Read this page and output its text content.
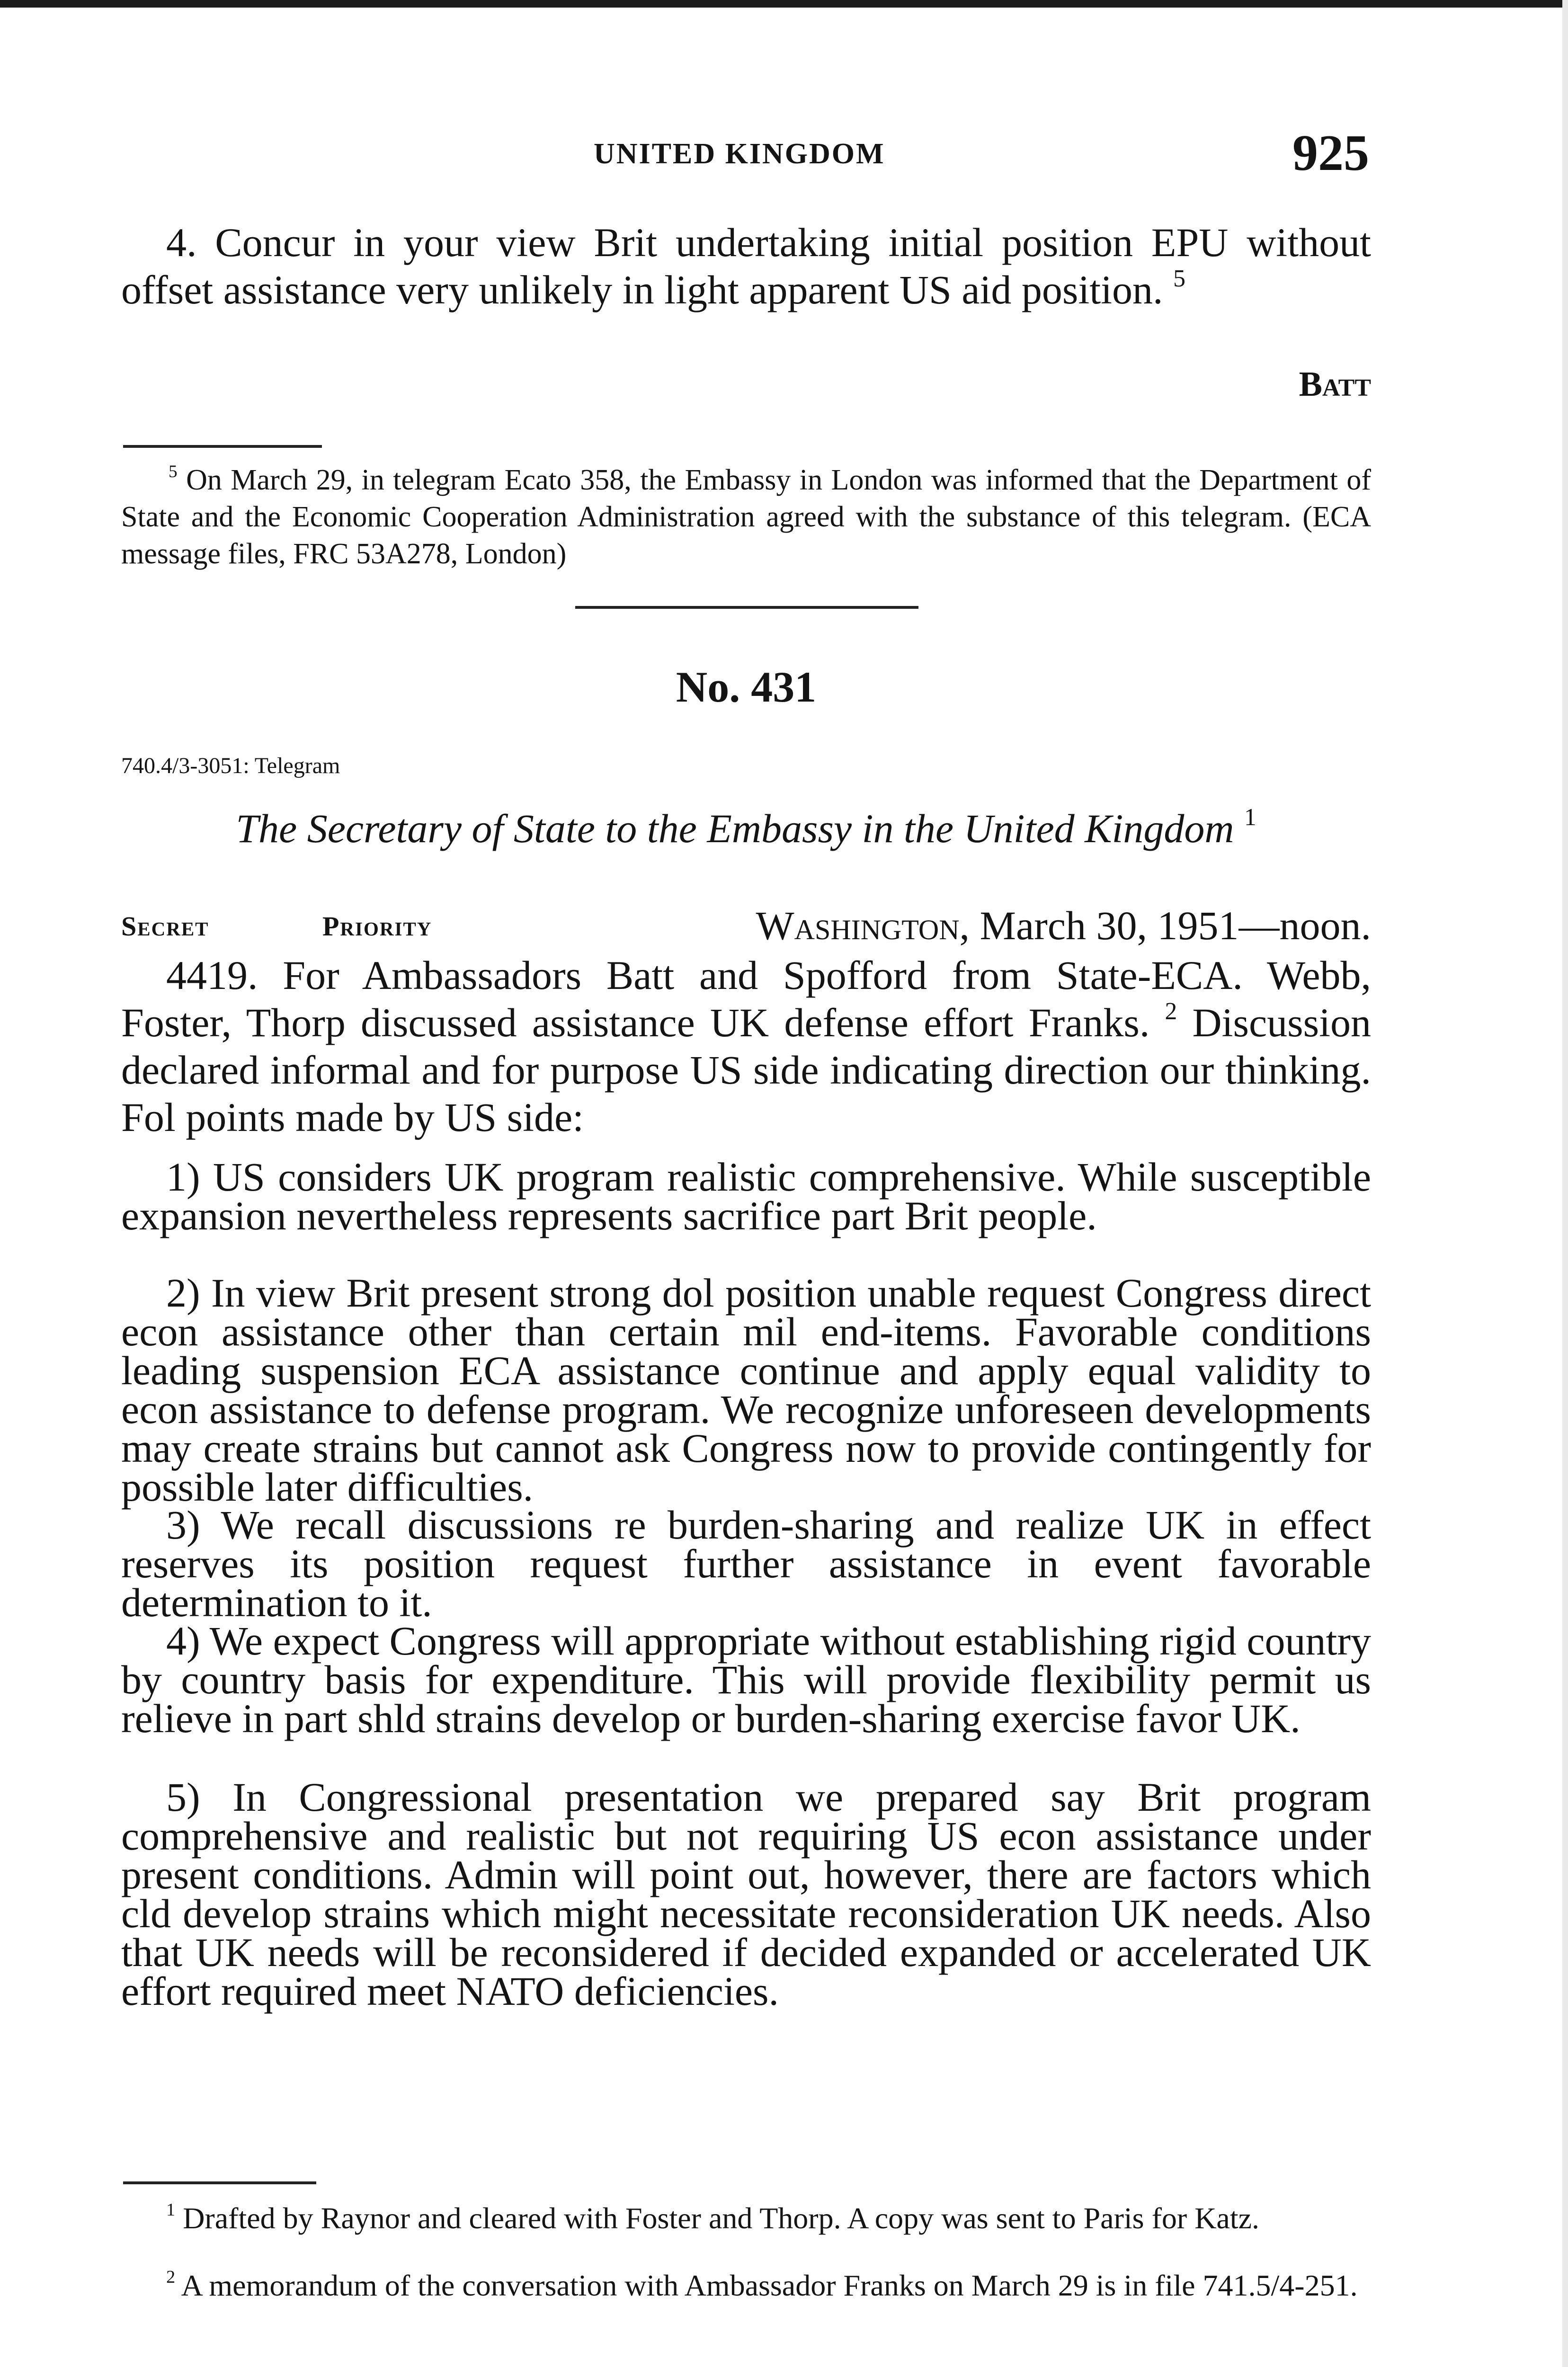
UNITED KINGDOM	925
4. Concur in your view Brit undertaking initial position EPU without offset assistance very unlikely in light apparent US aid position. $^5$
Batt
$^5$ On March 29, in telegram Ecato 358, the Embassy in London was informed that the Department of State and the Economic Cooperation Administration agreed with the substance of this telegram. (ECA message files, FRC 53A278, London)
No. 431
740.4/3-3051: Telegram
The Secretary of State to the Embassy in the United Kingdom $^1$
Secret	Priority	Washington, March 30, 1951—noon.
4419. For Ambassadors Batt and Spofford from State-ECA. Webb, Foster, Thorp discussed assistance UK defense effort Franks. $^2$ Discussion declared informal and for purpose US side indicating direction our thinking. Fol points made by US side:
1) US considers UK program realistic comprehensive. While susceptible expansion nevertheless represents sacrifice part Brit people.
2) In view Brit present strong dol position unable request Congress direct econ assistance other than certain mil end-items. Favorable conditions leading suspension ECA assistance continue and apply equal validity to econ assistance to defense program. We recognize unforeseen developments may create strains but cannot ask Congress now to provide contingently for possible later difficulties.
3) We recall discussions re burden-sharing and realize UK in effect reserves its position request further assistance in event favorable determination to it.
4) We expect Congress will appropriate without establishing rigid country by country basis for expenditure. This will provide flexibility permit us relieve in part shld strains develop or burden-sharing exercise favor UK.
5) In Congressional presentation we prepared say Brit program comprehensive and realistic but not requiring US econ assistance under present conditions. Admin will point out, however, there are factors which cld develop strains which might necessitate reconsideration UK needs. Also that UK needs will be reconsidered if decided expanded or accelerated UK effort required meet NATO deficiencies.
$^1$ Drafted by Raynor and cleared with Foster and Thorp. A copy was sent to Paris for Katz.
$^2$ A memorandum of the conversation with Ambassador Franks on March 29 is in file 741.5/4-251.
